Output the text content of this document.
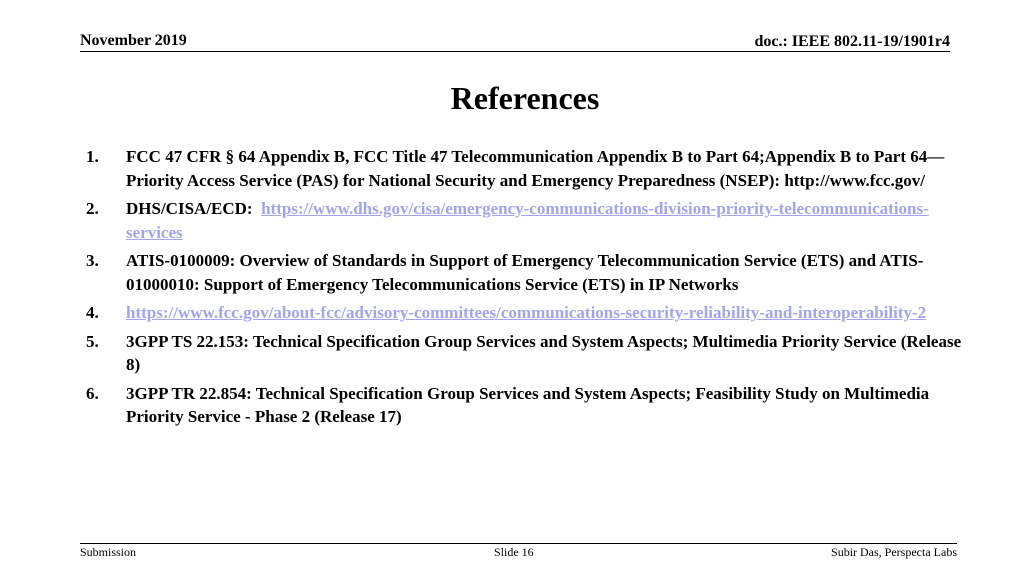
November 2019	doc.: IEEE 802.11-19/1901r4
References
1. FCC 47 CFR § 64 Appendix B, FCC Title 47 Telecommunication Appendix B to Part 64;Appendix B to Part 64—Priority Access Service (PAS) for National Security and Emergency Preparedness (NSEP): http://www.fcc.gov/
2. DHS/CISA/ECD:  https://www.dhs.gov/cisa/emergency-communications-division-priority-telecommunications-services
3. ATIS-0100009: Overview of Standards in Support of Emergency Telecommunication Service (ETS) and ATIS-01000010: Support of Emergency Telecommunications Service (ETS) in IP Networks
4. https://www.fcc.gov/about-fcc/advisory-committees/communications-security-reliability-and-interoperability-2
5. 3GPP TS 22.153: Technical Specification Group Services and System Aspects; Multimedia Priority Service (Release 8)
6. 3GPP TR 22.854: Technical Specification Group Services and System Aspects; Feasibility Study on Multimedia Priority Service - Phase 2 (Release 17)
Submission	Slide 16	Subir Das, Perspecta Labs
